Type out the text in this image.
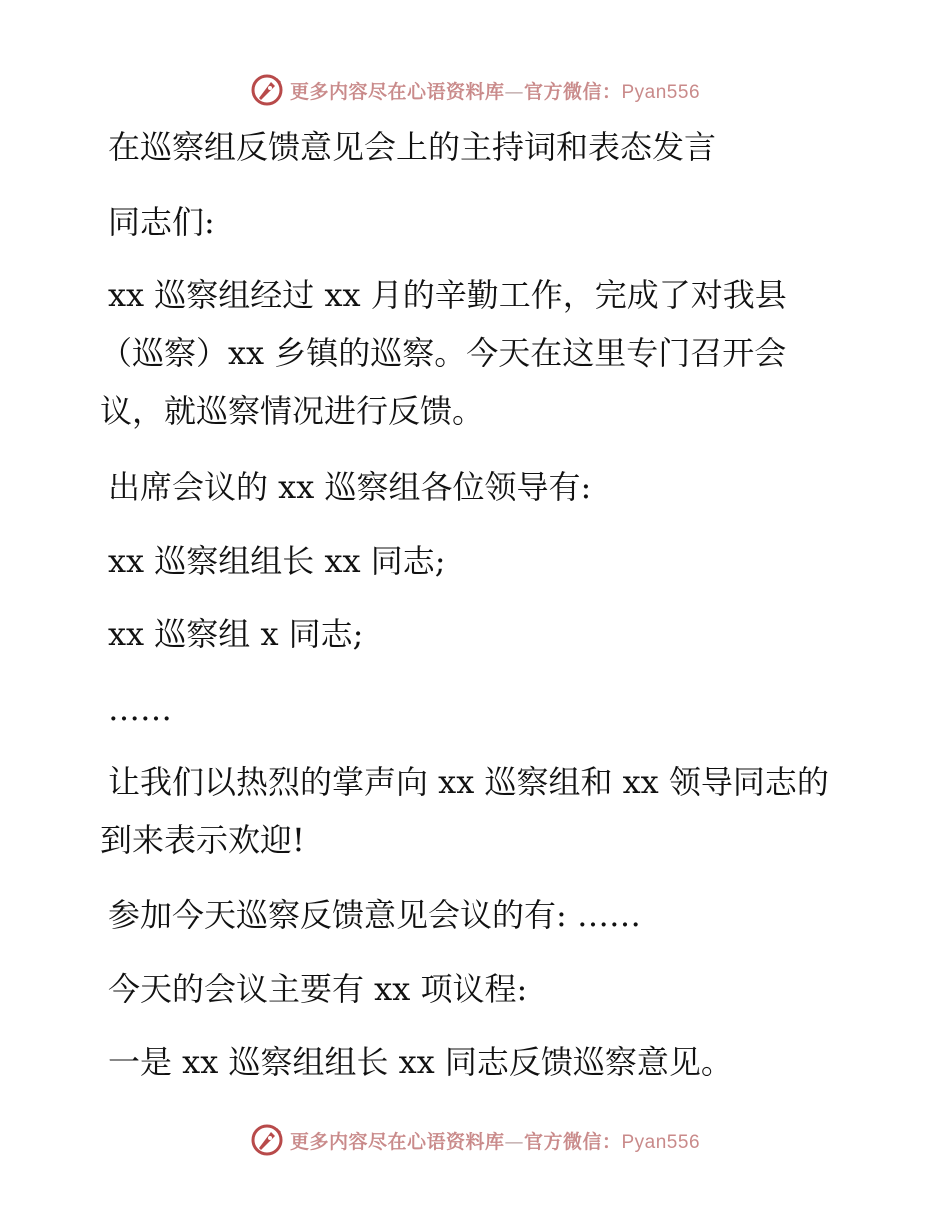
更多内容尽在心语资料库—官方微信：Pyan556

在巡察组反馈意见会上的主持词和表态发言

同志们:

xx 巡察组经过 xx 月的辛勤工作，完成了对我县

（巡察）xx 乡镇的巡察。今天在这里专门召开会

议，就巡察情况进行反馈。

出席会议的 xx 巡察组各位领导有:

xx 巡察组组长 xx 同志;

xx 巡察组 x 同志;

……

让我们以热烈的掌声向 xx 巡察组和 xx 领导同志的

到来表示欢迎!

参加今天巡察反馈意见会议的有: ……

今天的会议主要有 xx 项议程:

一是 xx 巡察组组长 xx 同志反馈巡察意见。

更多内容尽在心语资料库—官方微信：Pyan556
